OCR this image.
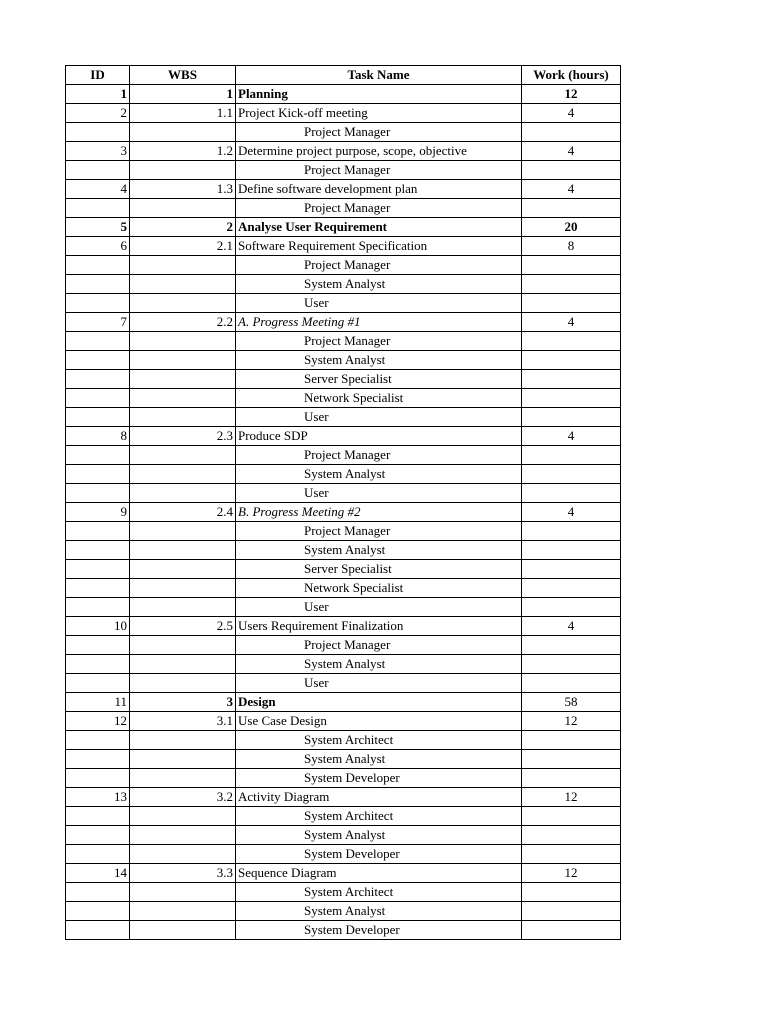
ID	WBS	Task Name	Work (hours)
1	1	Planning	12
2	1.1	Project Kick-off meeting	4
		Project Manager	
3	1.2	Determine project purpose, scope, objective	4
		Project Manager	
4	1.3	Define software development plan	4
		Project Manager	
5	2	Analyse User Requirement	20
6	2.1	Software Requirement Specification	8
		Project Manager	
		System Analyst	
		User	
7	2.2	A. Progress Meeting #1	4
		Project Manager	
		System Analyst	
		Server Specialist	
		Network Specialist	
		User	
8	2.3	Produce SDP	4
		Project Manager	
		System Analyst	
		User	
9	2.4	B. Progress Meeting #2	4
		Project Manager	
		System Analyst	
		Server Specialist	
		Network Specialist	
		User	
10	2.5	Users Requirement Finalization	4
		Project Manager	
		System Analyst	
		User	
11	3	Design	58
12	3.1	Use Case Design	12
		System Architect	
		System Analyst	
		System Developer	
13	3.2	Activity Diagram	12
		System Architect	
		System Analyst	
		System Developer	
14	3.3	Sequence Diagram	12
		System Architect	
		System Analyst	
		System Developer	
